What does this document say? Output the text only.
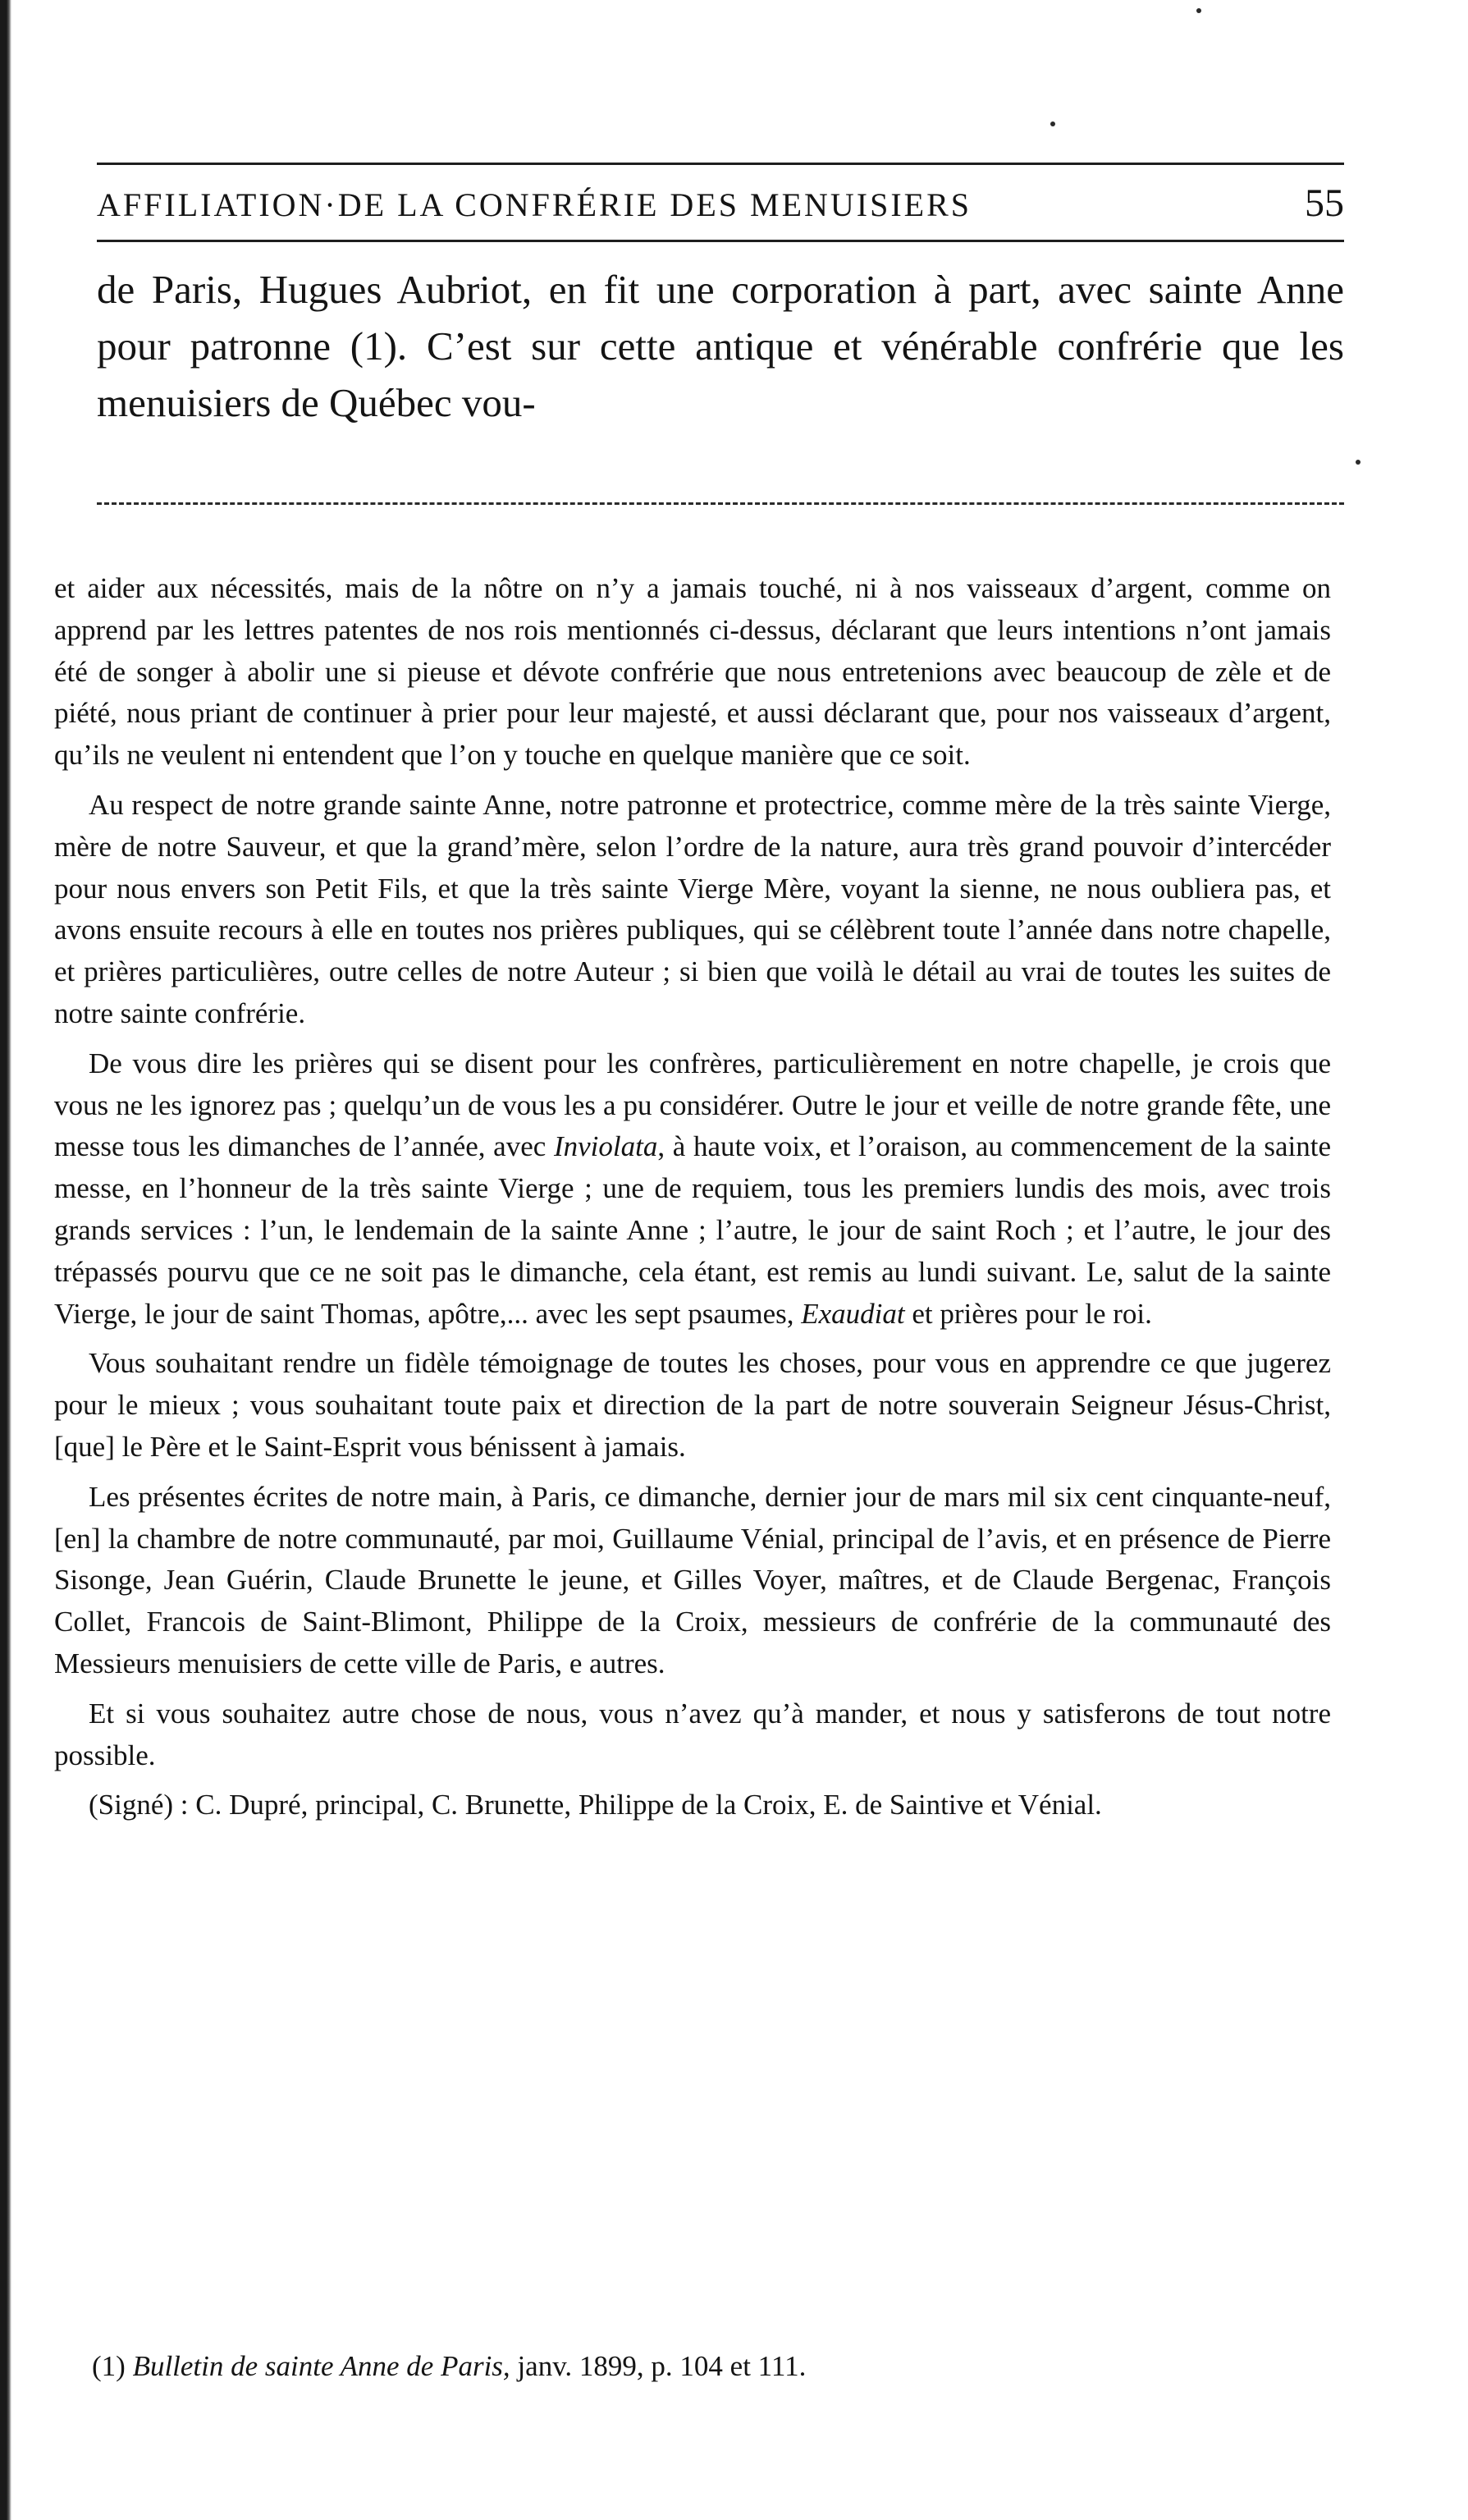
AFFILIATION·DE LA CONFRÉRIE DES MENUISIERS	55
de Paris, Hugues Aubriot, en fit une corporation à part, avec sainte Anne pour patronne (1). C’est sur cette antique et vénérable confrérie que les menuisiers de Québec vou-

et aider aux nécessités, mais de la nôtre on n’y a jamais touché, ni à nos vaisseaux d’argent, comme on apprend par les lettres patentes de nos rois mentionnés ci-dessus, déclarant que leurs intentions n’ont jamais été de songer à abolir une si pieuse et dévote confrérie que nous entretenions avec beaucoup de zèle et de piété, nous priant de continuer à prier pour leur majesté, et aussi déclarant que, pour nos vaisseaux d’argent, qu’ils ne veulent ni entendent que l’on y touche en quelque manière que ce soit.

Au respect de notre grande sainte Anne, notre patronne et protectrice, comme mère de la très sainte Vierge, mère de notre Sauveur, et que la grand’mère, selon l’ordre de la nature, aura très grand pouvoir d’intercéder pour nous envers son Petit Fils, et que la très sainte Vierge Mère, voyant la sienne, ne nous oubliera pas, et avons ensuite recours à elle en toutes nos prières publiques, qui se célèbrent toute l’année dans notre chapelle, et prières particulières, outre celles de notre Auteur ; si bien que voilà le détail au vrai de toutes les suites de notre sainte confrérie.

De vous dire les prières qui se disent pour les confrères, particulièrement en notre chapelle, je crois que vous ne les ignorez pas ; quelqu’un de vous les a pu considérer. Outre le jour et veille de notre grande fête, une messe tous les dimanches de l’année, avec Inviolata, à haute voix, et l’oraison, au commencement de la sainte messe, en l’honneur de la très sainte Vierge ; une de requiem, tous les premiers lundis des mois, avec trois grands services : l’un, le lendemain de la sainte Anne ; l’autre, le jour de saint Roch ; et l’autre, le jour des trépassés pourvu que ce ne soit pas le dimanche, cela étant, est remis au lundi suivant. Le, salut de la sainte Vierge, le jour de saint Thomas, apôtre,... avec les sept psaumes, Exaudiat et prières pour le roi.

Vous souhaitant rendre un fidèle témoignage de toutes les choses, pour vous en apprendre ce que jugerez pour le mieux ; vous souhaitant toute paix et direction de la part de notre souverain Seigneur Jésus-Christ, [que] le Père et le Saint-Esprit vous bénissent à jamais.

Les présentes écrites de notre main, à Paris, ce dimanche, dernier jour de mars mil six cent cinquante-neuf, [en] la chambre de notre communauté, par moi, Guillaume Vénial, principal de l’avis, et en présence de Pierre Sisonge, Jean Guérin, Claude Brunette le jeune, et Gilles Voyer, maîtres, et de Claude Bergenac, François Collet, Francois de Saint-Blimont, Philippe de la Croix, messieurs de confrérie de la communauté des Messieurs menuisiers de cette ville de Paris, e autres.

Et si vous souhaitez autre chose de nous, vous n’avez qu’à mander, et nous y satisferons de tout notre possible.

(Signé) : C. Dupré, principal, C. Brunette, Philippe de la Croix, E. de Saintive et Vénial.

(1) Bulletin de sainte Anne de Paris, janv. 1899, p. 104 et 111.
